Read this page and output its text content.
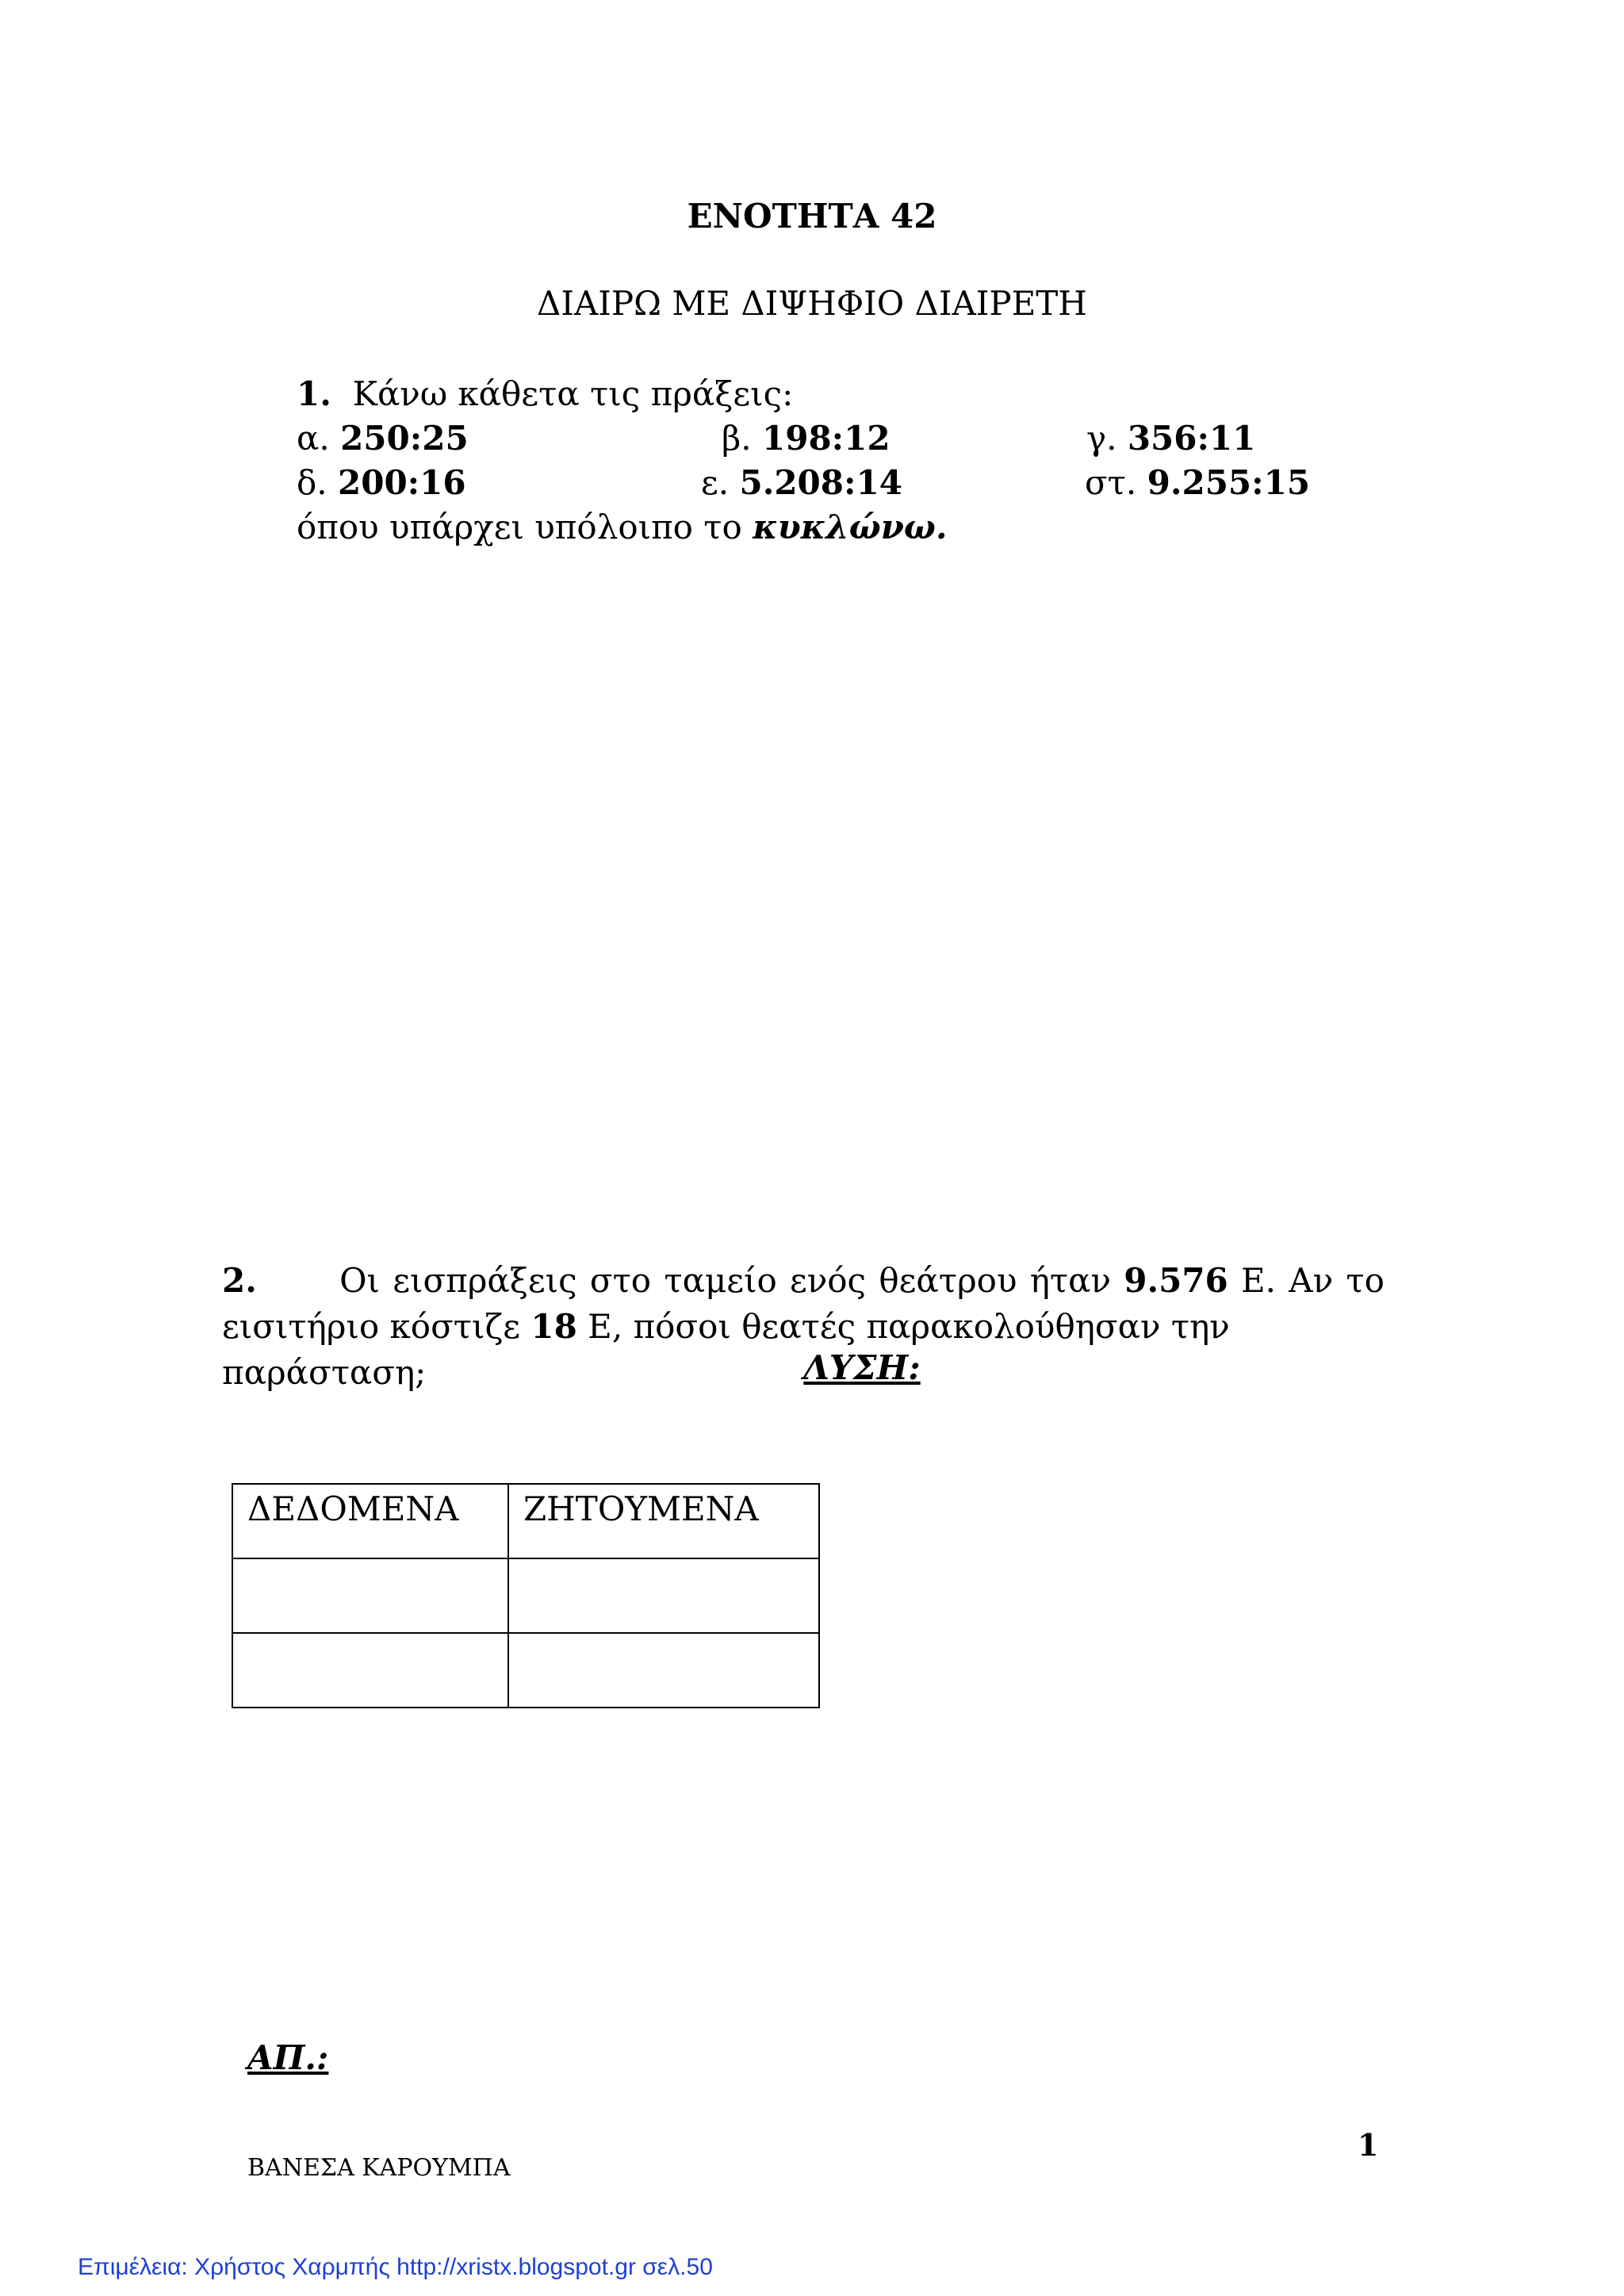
ΕΝΟΤΗΤΑ 42
ΔΙΑΙΡΩ ΜΕ ΔΙΨΗΦΙΟ ΔΙΑΙΡΕΤΗ
1. Κάνω κάθετα τις πράξεις:
α. 250:25	β. 198:12	γ. 356:11
δ. 200:16	ε. 5.208:14	στ. 9.255:15
όπου υπάρχει υπόλοιπο το κυκλώνω.
2. Οι εισπράξεις στο ταμείο ενός θεάτρου ήταν 9.576 Ε. Αν το
εισιτήριο κόστιζε 18 Ε, πόσοι θεατές παρακολούθησαν την παράσταση;	ΛΥΣΗ:
ΔΕΔΟΜΕΝΑ	ΖΗΤΟΥΜΕΝΑ

ΑΠ.:
1
ΒΑΝΕΣΑ ΚΑΡΟΥΜΠΑ
Επιμέλεια: Χρήστος Χαρμπής http://xristx.blogspot.gr σελ.50
